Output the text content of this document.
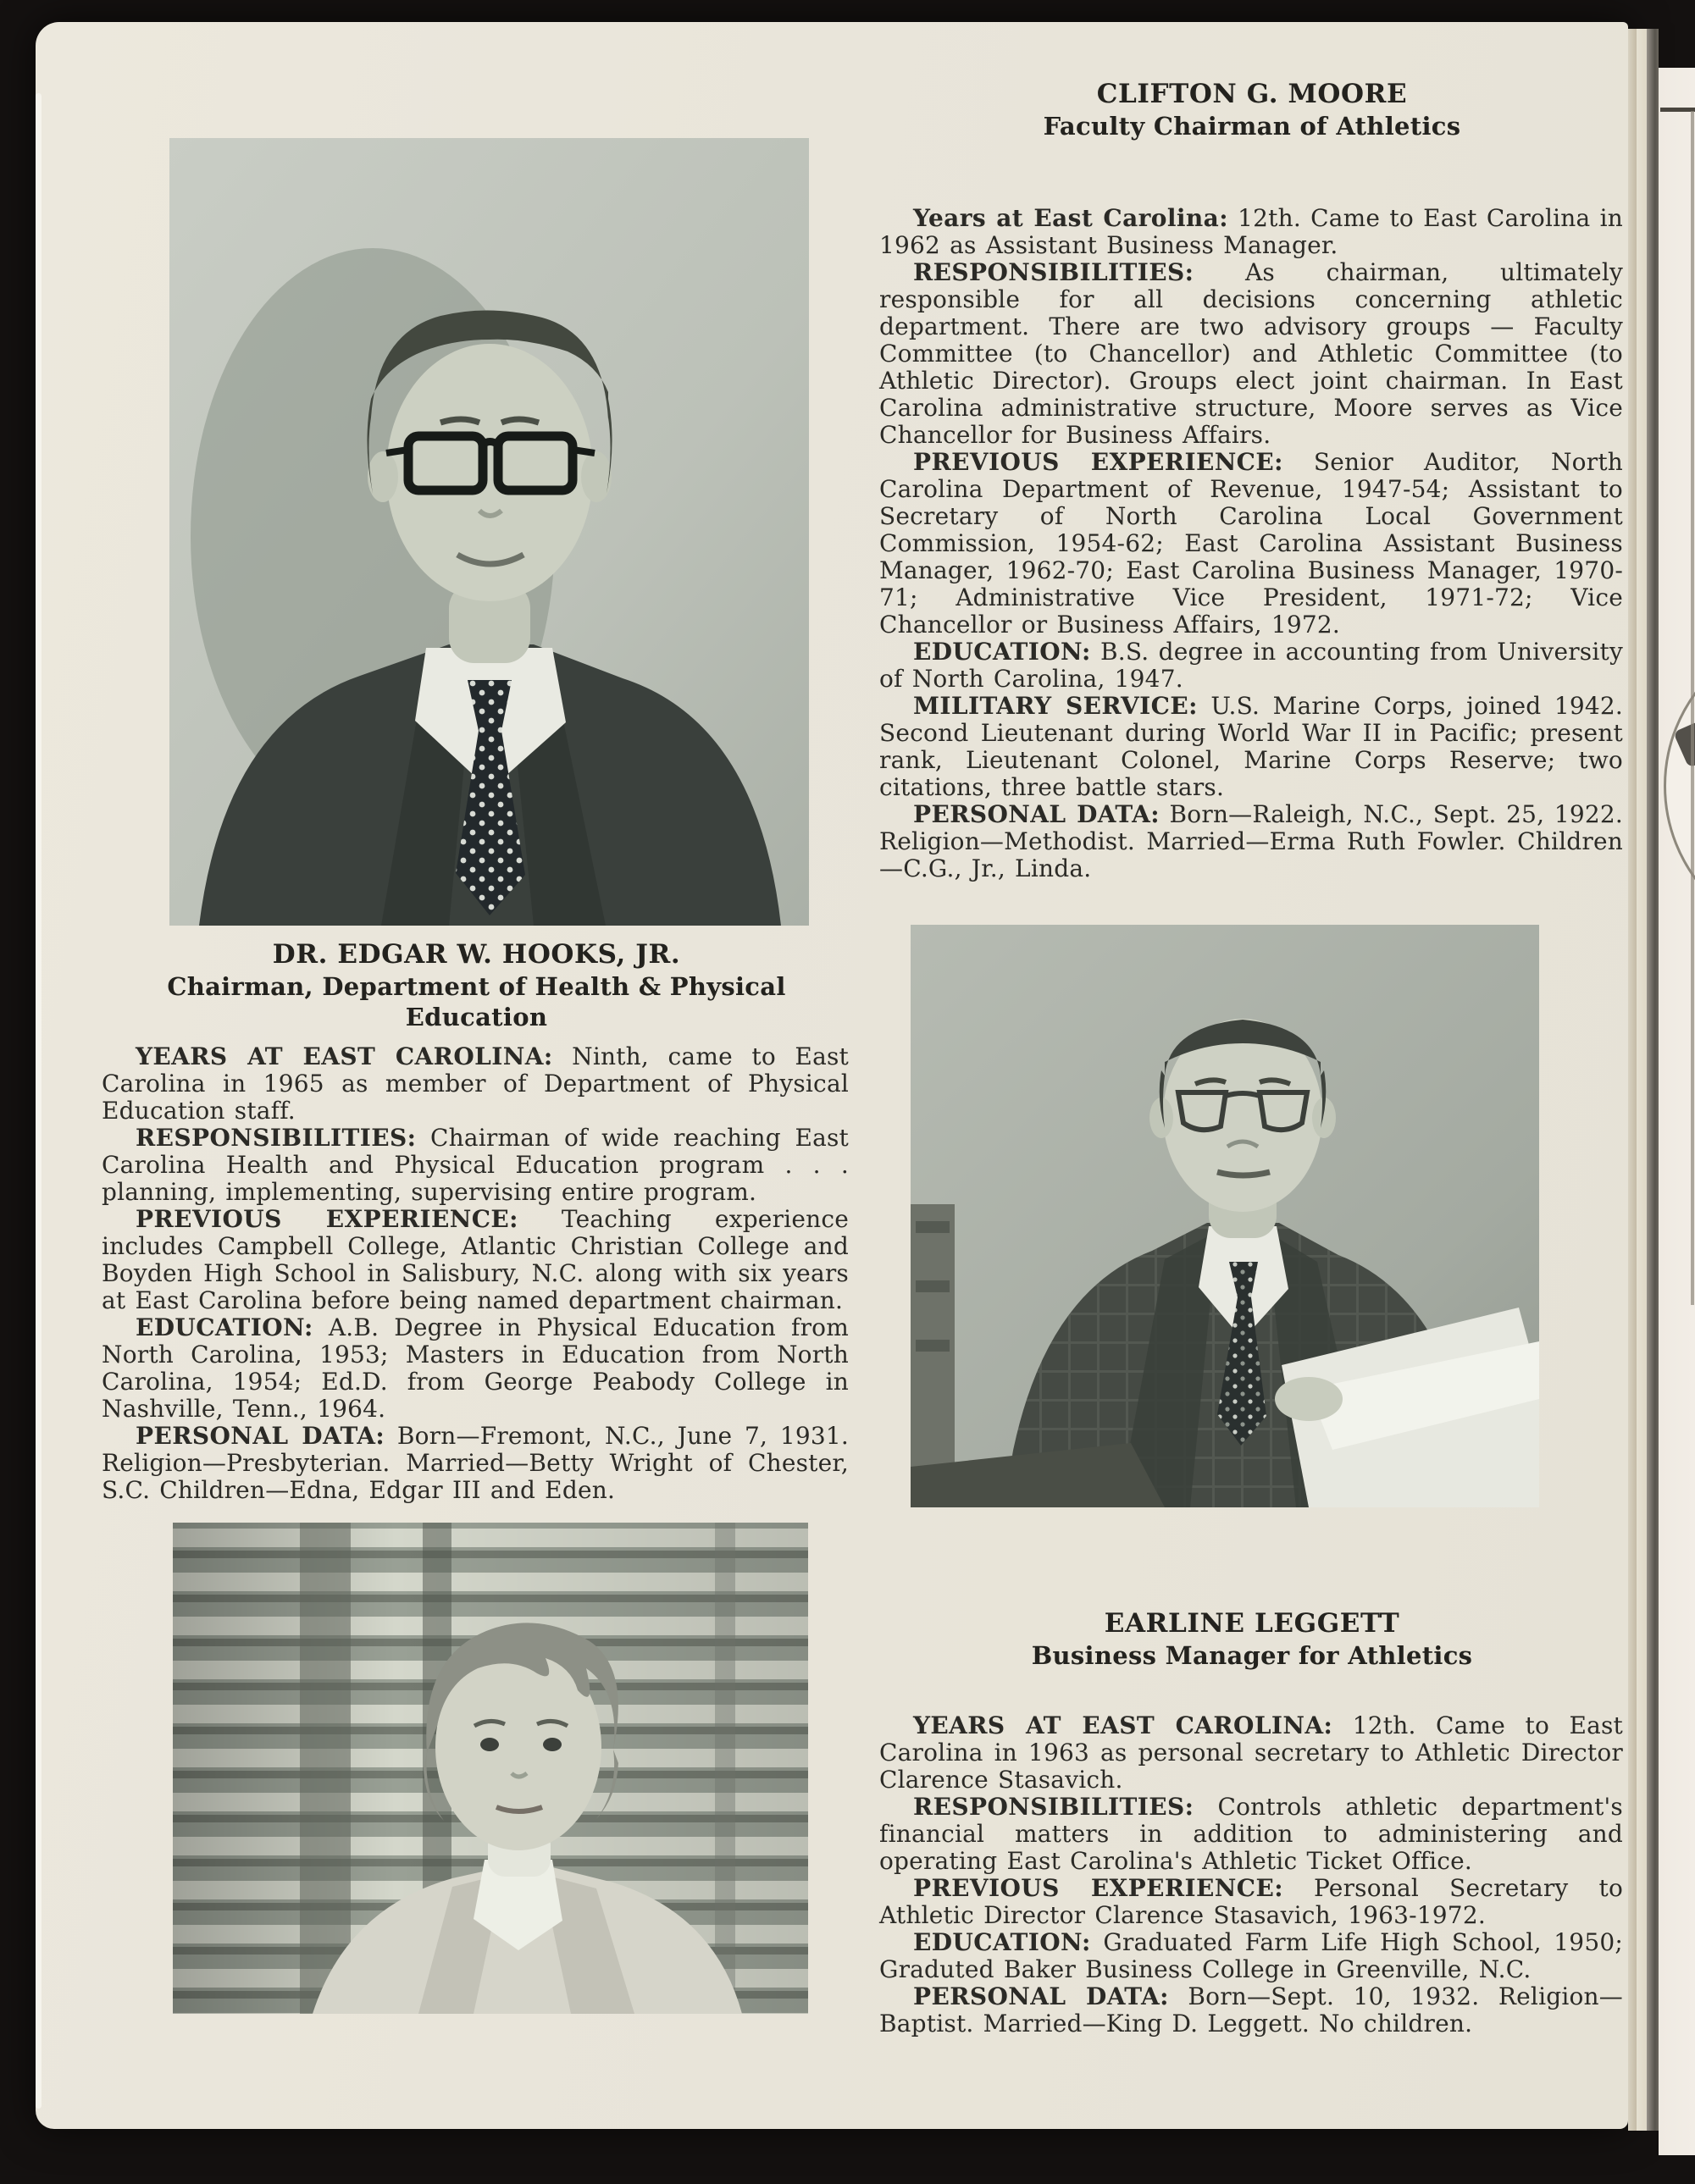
DR. EDGAR W. HOOKS, JR.
Chairman, Department of Health & Physical Education

YEARS AT EAST CAROLINA: Ninth, came to East Carolina in 1965 as member of Department of Physical Education staff.

RESPONSIBILITIES: Chairman of wide reaching East Carolina Health and Physical Education program . . . planning, implementing, supervising entire program.

PREVIOUS EXPERIENCE: Teaching experience includes Campbell College, Atlantic Christian College and Boyden High School in Salisbury, N.C. along with six years at East Carolina before being named department chairman.

EDUCATION: A.B. Degree in Physical Education from North Carolina, 1953; Masters in Education from North Carolina, 1954; Ed.D. from George Peabody College in Nashville, Tenn., 1964.

PERSONAL DATA: Born—Fremont, N.C., June 7, 1931. Religion—Presbyterian. Married—Betty Wright of Chester, S.C. Children—Edna, Edgar III and Eden.

CLIFTON G. MOORE
Faculty Chairman of Athletics

Years at East Carolina: 12th. Came to East Carolina in 1962 as Assistant Business Manager.

RESPONSIBILITIES: As chairman, ultimately responsible for all decisions concerning athletic department. There are two advisory groups — Faculty Committee (to Chancellor) and Athletic Committee (to Athletic Director). Groups elect joint chairman. In East Carolina administrative structure, Moore serves as Vice Chancellor for Business Affairs.

PREVIOUS EXPERIENCE: Senior Auditor, North Carolina Department of Revenue, 1947-54; Assistant to Secretary of North Carolina Local Government Commission, 1954-62; East Carolina Assistant Business Manager, 1962-70; East Carolina Business Manager, 1970-71; Administrative Vice President, 1971-72; Vice Chancellor or Business Affairs, 1972.

EDUCATION: B.S. degree in accounting from University of North Carolina, 1947.

MILITARY SERVICE: U.S. Marine Corps, joined 1942. Second Lieutenant during World War II in Pacific; present rank, Lieutenant Colonel, Marine Corps Reserve; two citations, three battle stars.

PERSONAL DATA: Born—Raleigh, N.C., Sept. 25, 1922. Religion—Methodist. Married—Erma Ruth Fowler. Children—C.G., Jr., Linda.

EARLINE LEGGETT
Business Manager for Athletics

YEARS AT EAST CAROLINA: 12th. Came to East Carolina in 1963 as personal secretary to Athletic Director Clarence Stasavich.

RESPONSIBILITIES: Controls athletic department's financial matters in addition to administering and operating East Carolina's Athletic Ticket Office.

PREVIOUS EXPERIENCE: Personal Secretary to Athletic Director Clarence Stasavich, 1963-1972.

EDUCATION: Graduated Farm Life High School, 1950; Graduted Baker Business College in Greenville, N.C.

PERSONAL DATA: Born—Sept. 10, 1932. Religion—Baptist. Married—King D. Leggett. No children.
